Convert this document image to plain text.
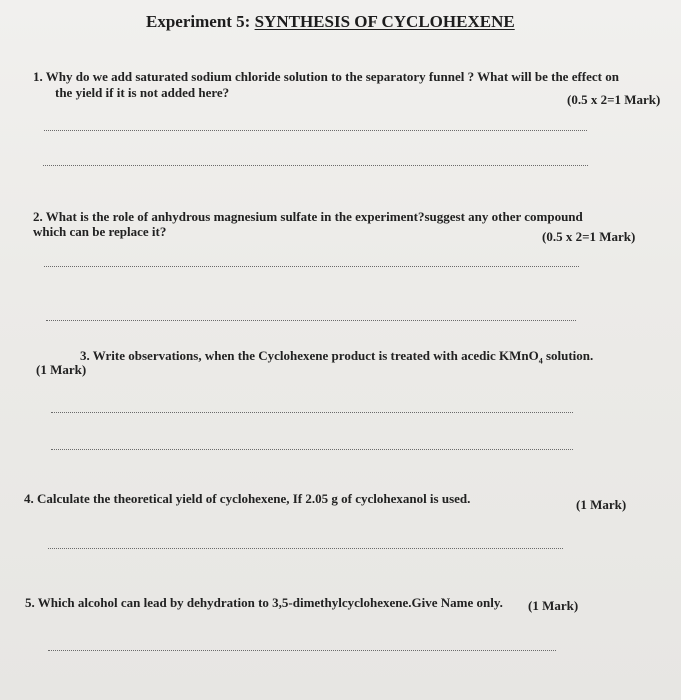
Experiment 5: SYNTHESIS OF CYCLOHEXENE
1. Why do we add saturated sodium chloride solution to the separatory funnel ? What will be the effect on
the yield if it is not added here?	(0.5 x 2=1 Mark)
2. What is the role of anhydrous magnesium sulfate in the experiment?suggest any other compound
which can be replace it?	(0.5 x 2=1 Mark)
3. Write observations, when the Cyclohexene product is treated with acedic KMnO$_4$ solution.
(1 Mark)
4. Calculate the theoretical yield of cyclohexene, If 2.05 g of cyclohexanol is used.	(1 Mark)
5. Which alcohol can lead by dehydration to 3,5-dimethylcyclohexene.Give Name only. (1 Mark)
